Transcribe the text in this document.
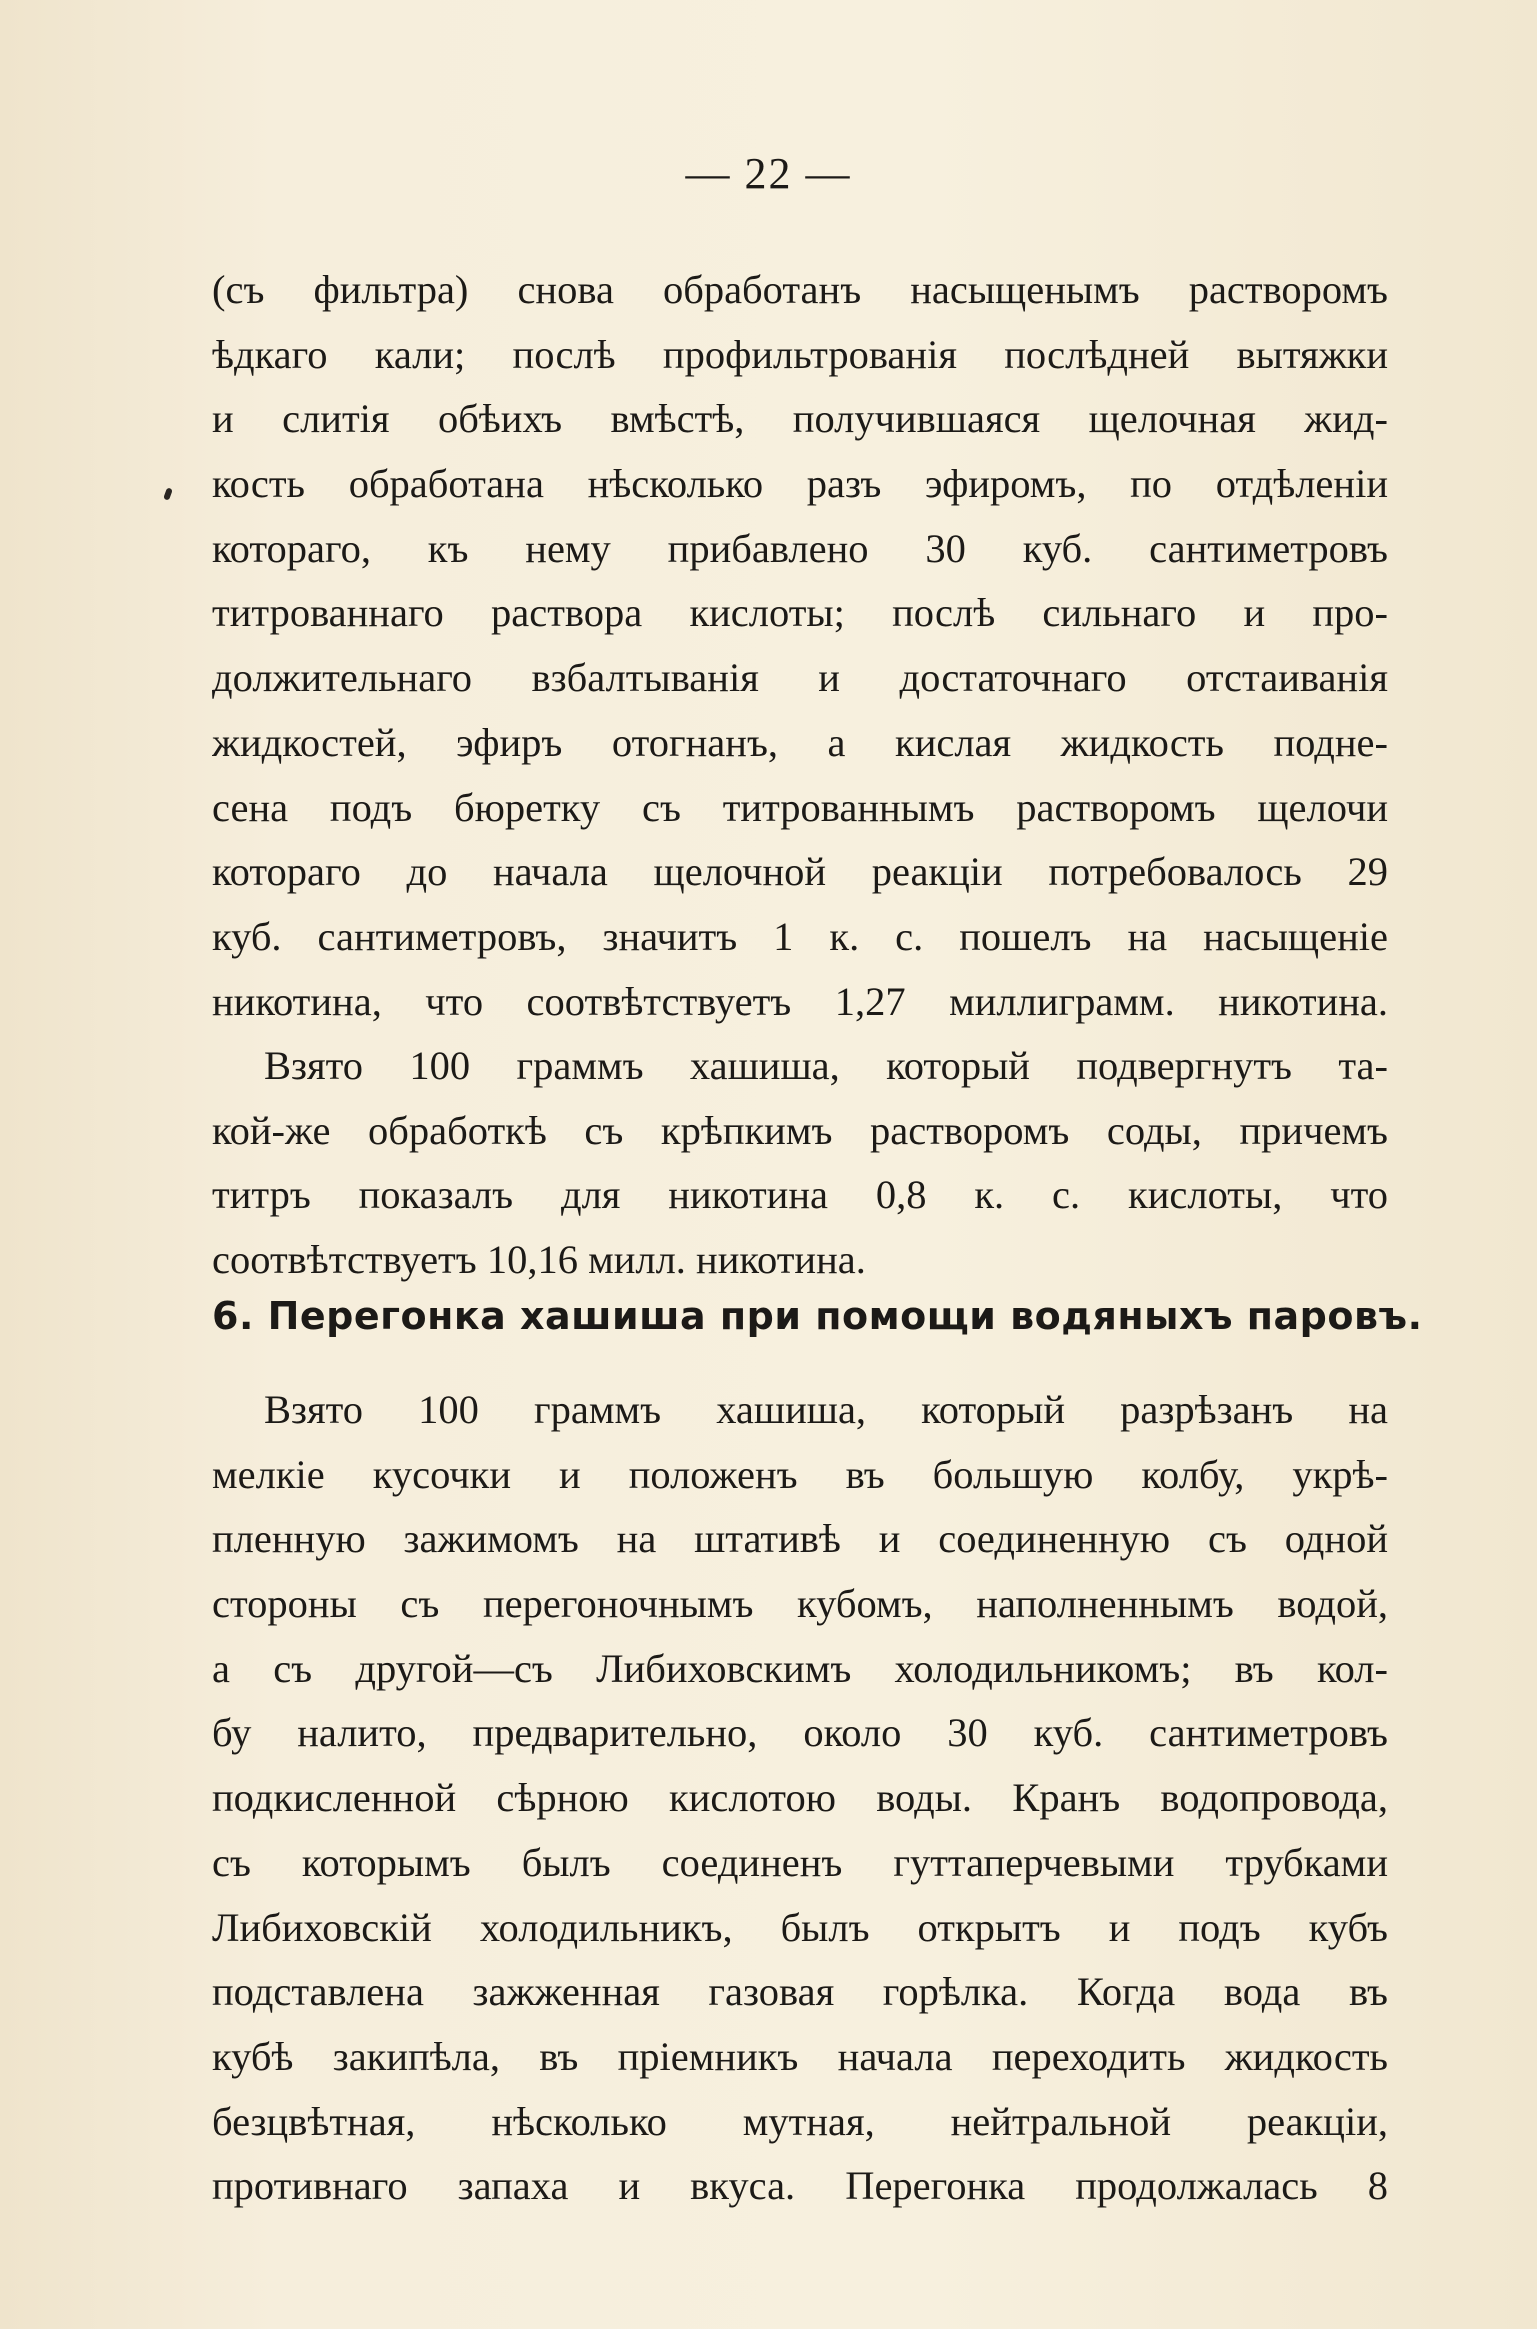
— 22 —
(съ фильтра) снова обработанъ насыщенымъ растворомъ
ѣдкаго кали; послѣ профильтрованія послѣдней вытяжки
и слитія обѣихъ вмѣстѣ, получившаяся щелочная жид-
кость обработана нѣсколько разъ эфиромъ, по отдѣленіи
котораго, къ нему прибавлено 30 куб. сантиметровъ
титрованнаго раствора кислоты; послѣ сильнаго и про-
должительнаго взбалтыванія и достаточнаго отстаиванія
жидкостей, эфиръ отогнанъ, а кислая жидкость подне-
сена подъ бюретку съ титрованнымъ растворомъ щелочи
котораго до начала щелочной реакціи потребовалось 29
куб. сантиметровъ, значитъ 1 к. с. пошелъ на насыщеніе
никотина, что соотвѣтствуетъ 1,27 миллиграмм. никотина.
Взято 100 граммъ хашиша, который подвергнутъ та-
кой-же обработкѣ съ крѣпкимъ растворомъ соды, причемъ
титръ показалъ для никотина 0,8 к. с. кислоты, что
соотвѣтствуетъ 10,16 милл. никотина.
6. Перегонка хашиша при помощи водяныхъ паровъ.
Взято 100 граммъ хашиша, который разрѣзанъ на
мелкіе кусочки и положенъ въ большую колбу, укрѣ-
пленную зажимомъ на штативѣ и соединенную съ одной
стороны съ перегоночнымъ кубомъ, наполненнымъ водой,
а съ другой—съ Либиховскимъ холодильникомъ; въ кол-
бу налито, предварительно, около 30 куб. сантиметровъ
подкисленной сѣрною кислотою воды. Кранъ водопровода,
съ которымъ былъ соединенъ гуттаперчевыми трубками
Либиховскій холодильникъ, былъ открытъ и подъ кубъ
подставлена зажженная газовая горѣлка. Когда вода въ
кубѣ закипѣла, въ пріемникъ начала переходить жидкость
безцвѣтная, нѣсколько мутная, нейтральной реакціи,
противнаго запаха и вкуса. Перегонка продолжалась 8
